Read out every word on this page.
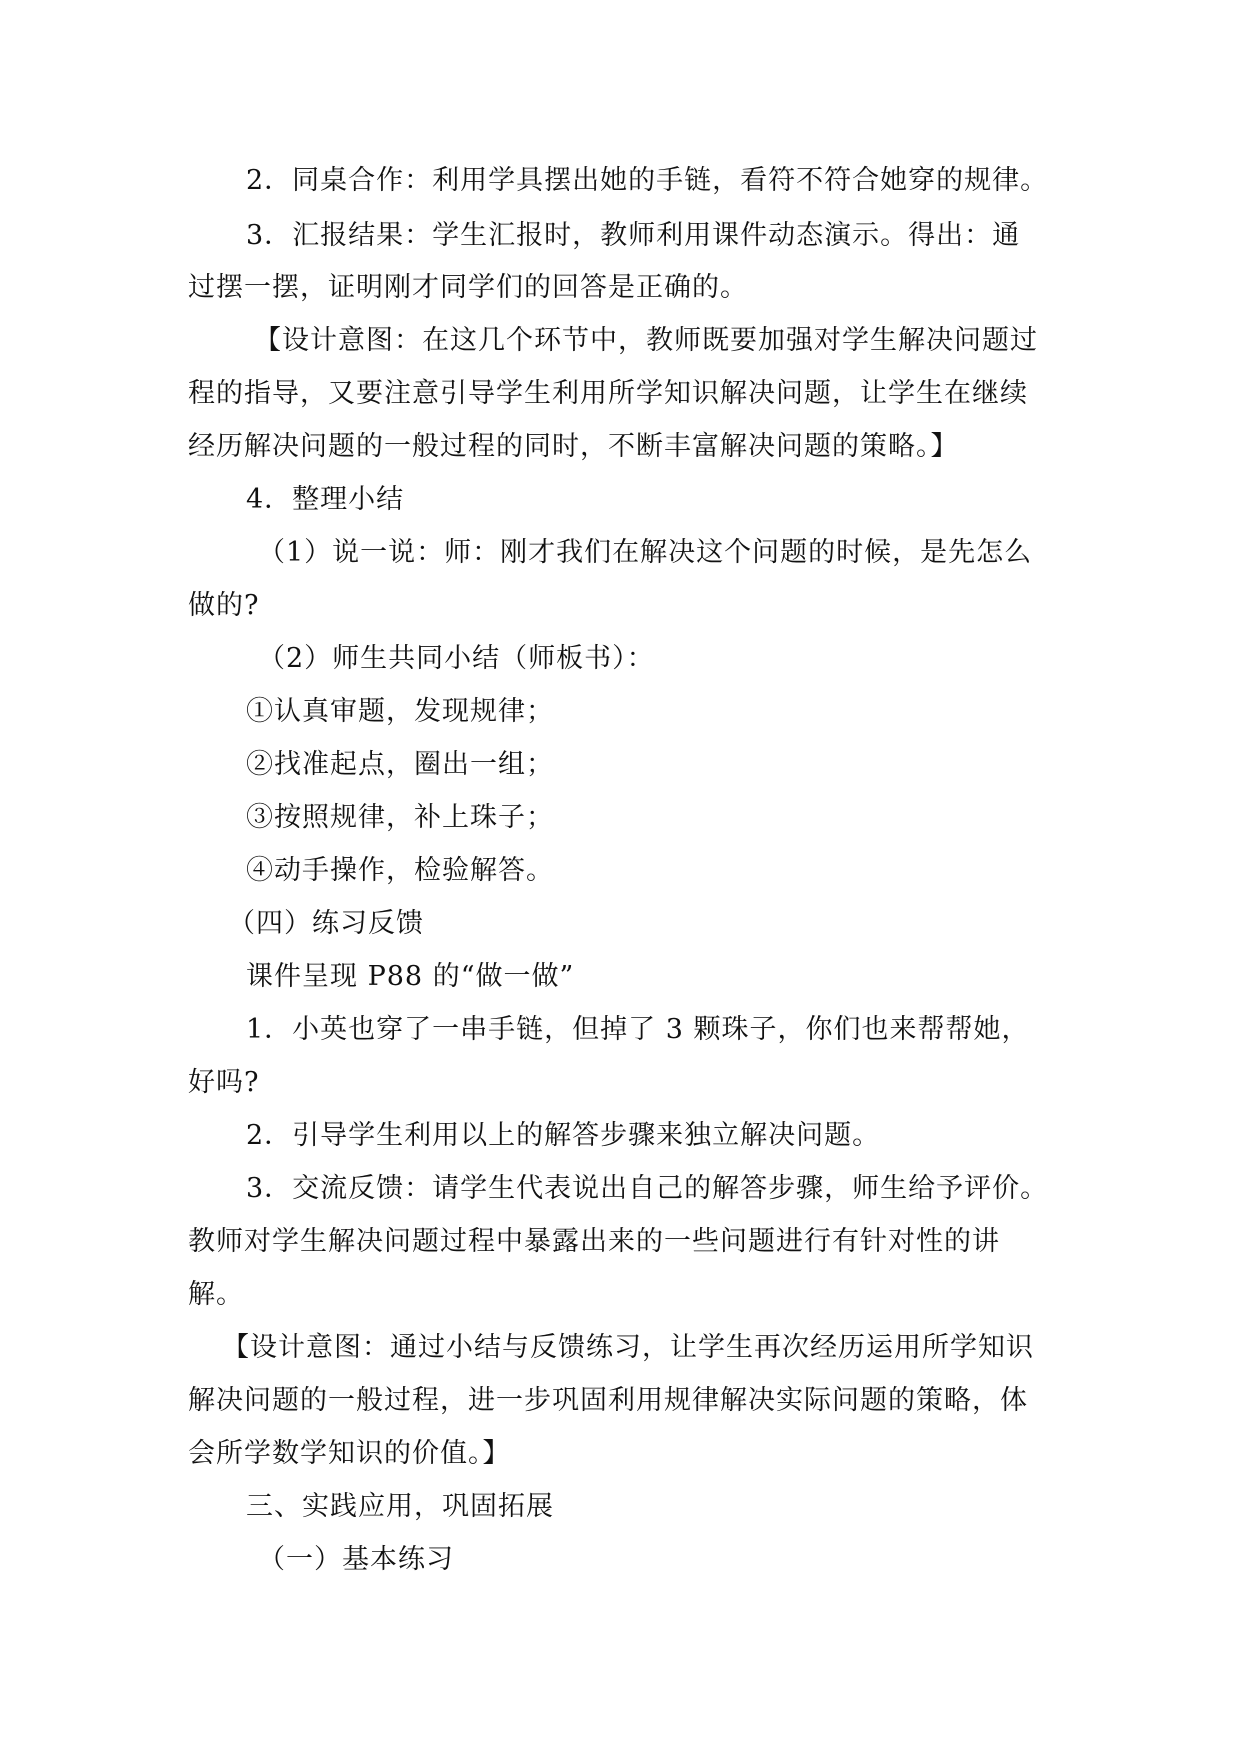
2．同桌合作：利用学具摆出她的手链，看符不符合她穿的规律。
3．汇报结果：学生汇报时，教师利用课件动态演示。得出：通
过摆一摆，证明刚才同学们的回答是正确的。
【设计意图：在这几个环节中，教师既要加强对学生解决问题过
程的指导，又要注意引导学生利用所学知识解决问题，让学生在继续
经历解决问题的一般过程的同时，不断丰富解决问题的策略。】
4．整理小结
（1）说一说：师：刚才我们在解决这个问题的时候，是先怎么
做的?
（2）师生共同小结（师板书）：
①认真审题，发现规律；
②找准起点，圈出一组；
③按照规律，补上珠子；
④动手操作，检验解答。
（四）练习反馈
课件呈现 P88 的“做一做”
1．小英也穿了一串手链，但掉了 3 颗珠子，你们也来帮帮她，
好吗?
2．引导学生利用以上的解答步骤来独立解决问题。
3．交流反馈：请学生代表说出自己的解答步骤，师生给予评价。
教师对学生解决问题过程中暴露出来的一些问题进行有针对性的讲
解。
【设计意图：通过小结与反馈练习，让学生再次经历运用所学知识
解决问题的一般过程，进一步巩固利用规律解决实际问题的策略，体
会所学数学知识的价值。】
三、实践应用，巩固拓展
（一）基本练习
